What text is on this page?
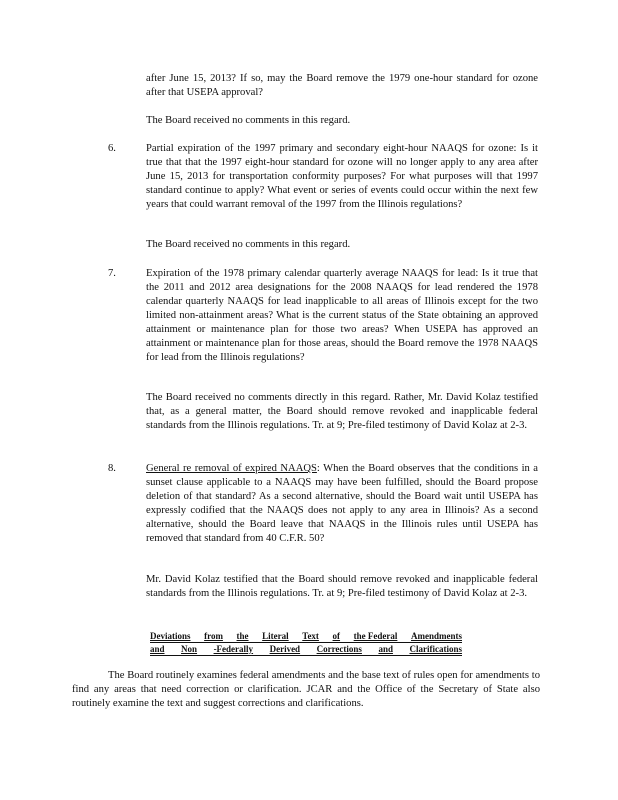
after June 15, 2013? If so, may the Board remove the 1979 one-hour standard for ozone after that USEPA approval?

The Board received no comments in this regard.

6.	Partial expiration of the 1997 primary and secondary eight-hour NAAQS for ozone: Is it true that that the 1997 eight-hour standard for ozone will no longer apply to any area after June 15, 2013 for transportation conformity purposes? For what purposes will that 1997 standard continue to apply? What event or series of events could occur within the next few years that could warrant removal of the 1997 from the Illinois regulations?

The Board received no comments in this regard.

7.	Expiration of the 1978 primary calendar quarterly average NAAQS for lead: Is it true that the 2011 and 2012 area designations for the 2008 NAAQS for lead rendered the 1978 calendar quarterly NAAQS for lead inapplicable to all areas of Illinois except for the two limited non-attainment areas? What is the current status of the State obtaining an approved attainment or maintenance plan for those two areas? When USEPA has approved an attainment or maintenance plan for those areas, should the Board remove the 1978 NAAQS for lead from the Illinois regulations?

The Board received no comments directly in this regard. Rather, Mr. David Kolaz testified that, as a general matter, the Board should remove revoked and inapplicable federal standards from the Illinois regulations. Tr. at 9; Pre-filed testimony of David Kolaz at 2-3.

8.	General re removal of expired NAAQS: When the Board observes that the conditions in a sunset clause applicable to a NAAQS may have been fulfilled, should the Board propose deletion of that standard? As a second alternative, should the Board wait until USEPA has expressly codified that the NAAQS does not apply to any area in Illinois? As a second alternative, should the Board leave that NAAQS in the Illinois rules until USEPA has removed that standard from 40 C.F.R. 50?

Mr. David Kolaz testified that the Board should remove revoked and inapplicable federal standards from the Illinois regulations. Tr. at 9; Pre-filed testimony of David Kolaz at 2-3.

Deviations from the Literal Text of the Federal Amendments
and Non -Federally Derived Corrections and Clarifications

The Board routinely examines federal amendments and the base text of rules open for amendments to find any areas that need correction or clarification. JCAR and the Office of the Secretary of State also routinely examine the text and suggest corrections and clarifications.
